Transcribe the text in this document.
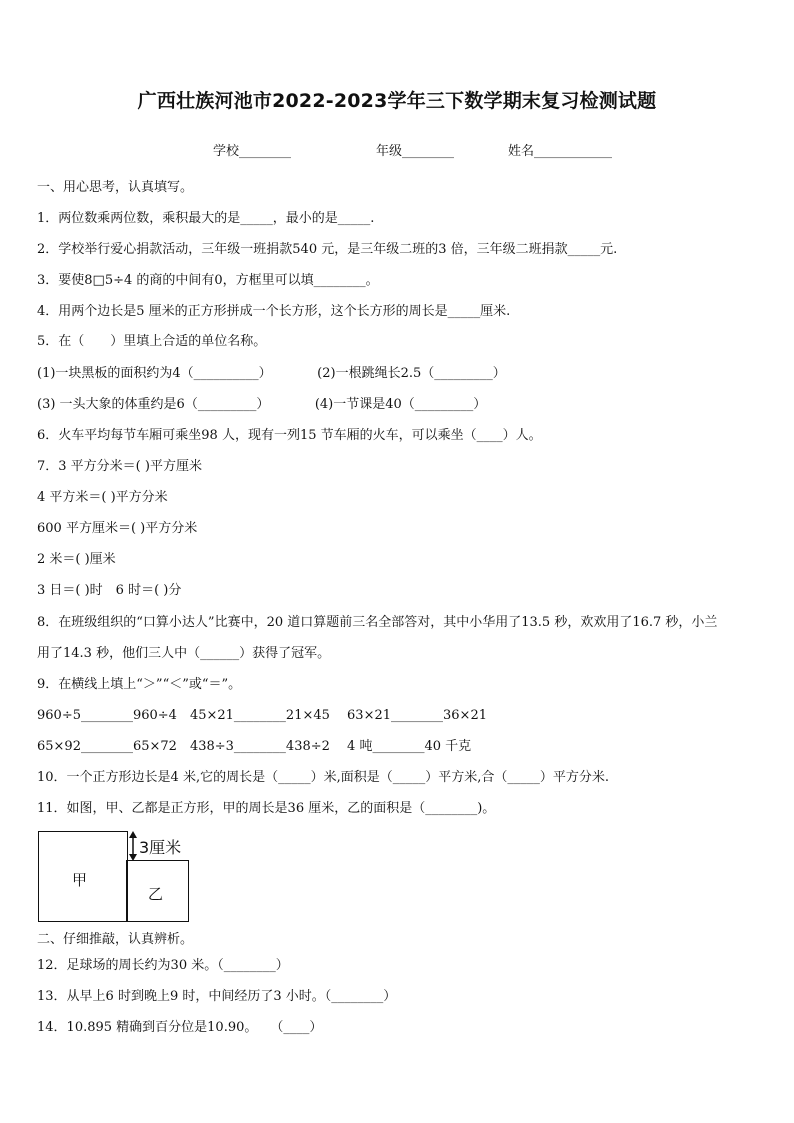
广西壮族河池市2022-2023学年三下数学期末复习检测试题
学校________	年级________	姓名____________
一、用心思考，认真填写。
1．两位数乘两位数，乘积最大的是_____，最小的是_____.
2．学校举行爱心捐款活动，三年级一班捐款540 元，是三年级二班的3 倍，三年级二班捐款_____元.
3．要使8□5÷4 的商的中间有0，方框里可以填________。
4．用两个边长是5 厘米的正方形拼成一个长方形，这个长方形的周长是_____厘米.
5．在（　　）里填上合适的单位名称。
(1)一块黑板的面积约为4（__________）　　　　(2)一根跳绳长2.5（_________）
(3) 一头大象的体重约是6（_________）　　　　(4)一节课是40（_________）
6．火车平均每节车厢可乘坐98 人，现有一列15 节车厢的火车，可以乘坐（____）人。
7．3 平方分米＝( )平方厘米
4 平方米＝( )平方分米
600 平方厘米＝( )平方分米
2 米＝( )厘米
3 日＝( )时　6 时＝( )分
8．在班级组织的“口算小达人”比赛中，20 道口算题前三名全部答对，其中小华用了13.5 秒，欢欢用了16.7 秒，小兰
用了14.3 秒，他们三人中（______）获得了冠军。
9．在横线上填上“＞”“＜”或“＝”。
960÷5________960÷4　45×21________21×45　 63×21________36×21
65×92________65×72　438÷3________438÷2　 4 吨________40 千克
10．一个正方形边长是4 米,它的周长是（_____）米,面积是（_____）平方米,合（_____）平方分米.
11．如图，甲、乙都是正方形，甲的周长是36 厘米，乙的面积是（________)。
甲
乙
3厘米
二、仔细推敲，认真辨析。
12．足球场的周长约为30 米。（________）
13．从早上6 时到晚上9 时，中间经历了3 小时。（________）
14．10.895 精确到百分位是10.90。　　（____）
